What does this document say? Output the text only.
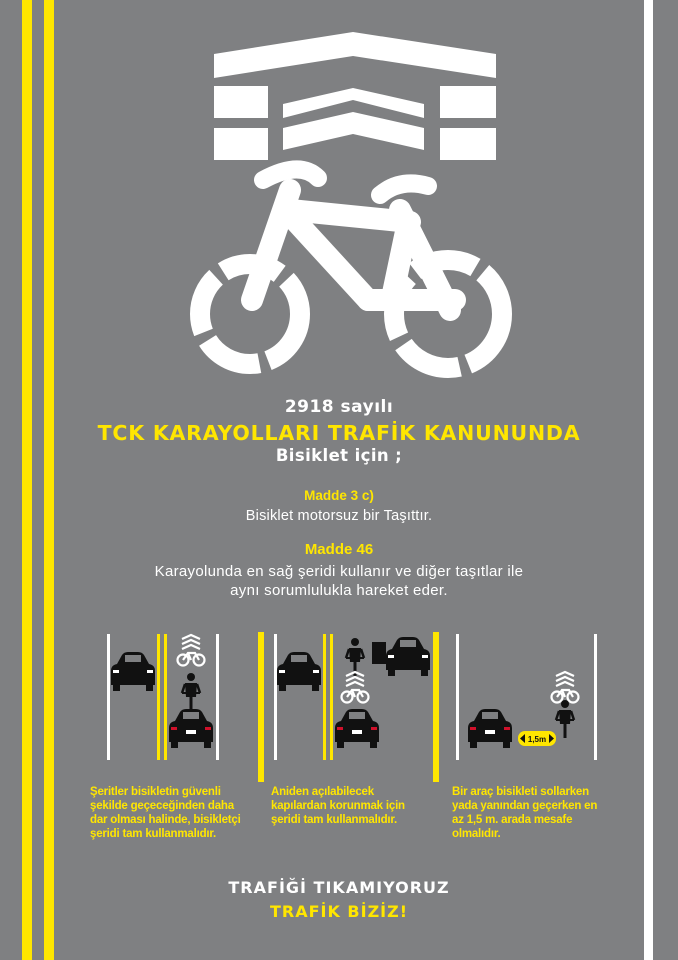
2918 sayılı
TCK KARAYOLLARI TRAFİK KANUNUNDA
Bisiklet için ;
Madde 3 c)
Bisiklet motorsuz bir Taşıttır.
Madde 46
Karayolunda en sağ şeridi kullanır ve diğer taşıtlar ile
aynı sorumlulukla hareket eder.
1,5m
Şeritler bisikletin güvenli
şekilde geçeceğinden daha
dar olması halinde, bisikletçi
şeridi tam kullanmalıdır.
Aniden açılabilecek
kapılardan korunmak için
şeridi tam kullanmalıdır.
Bir araç bisikleti sollarken
yada yanından geçerken en
az 1,5 m. arada mesafe
olmalıdır.
TRAFİĞİ TIKAMIYORUZ
TRAFİK BİZİZ!
